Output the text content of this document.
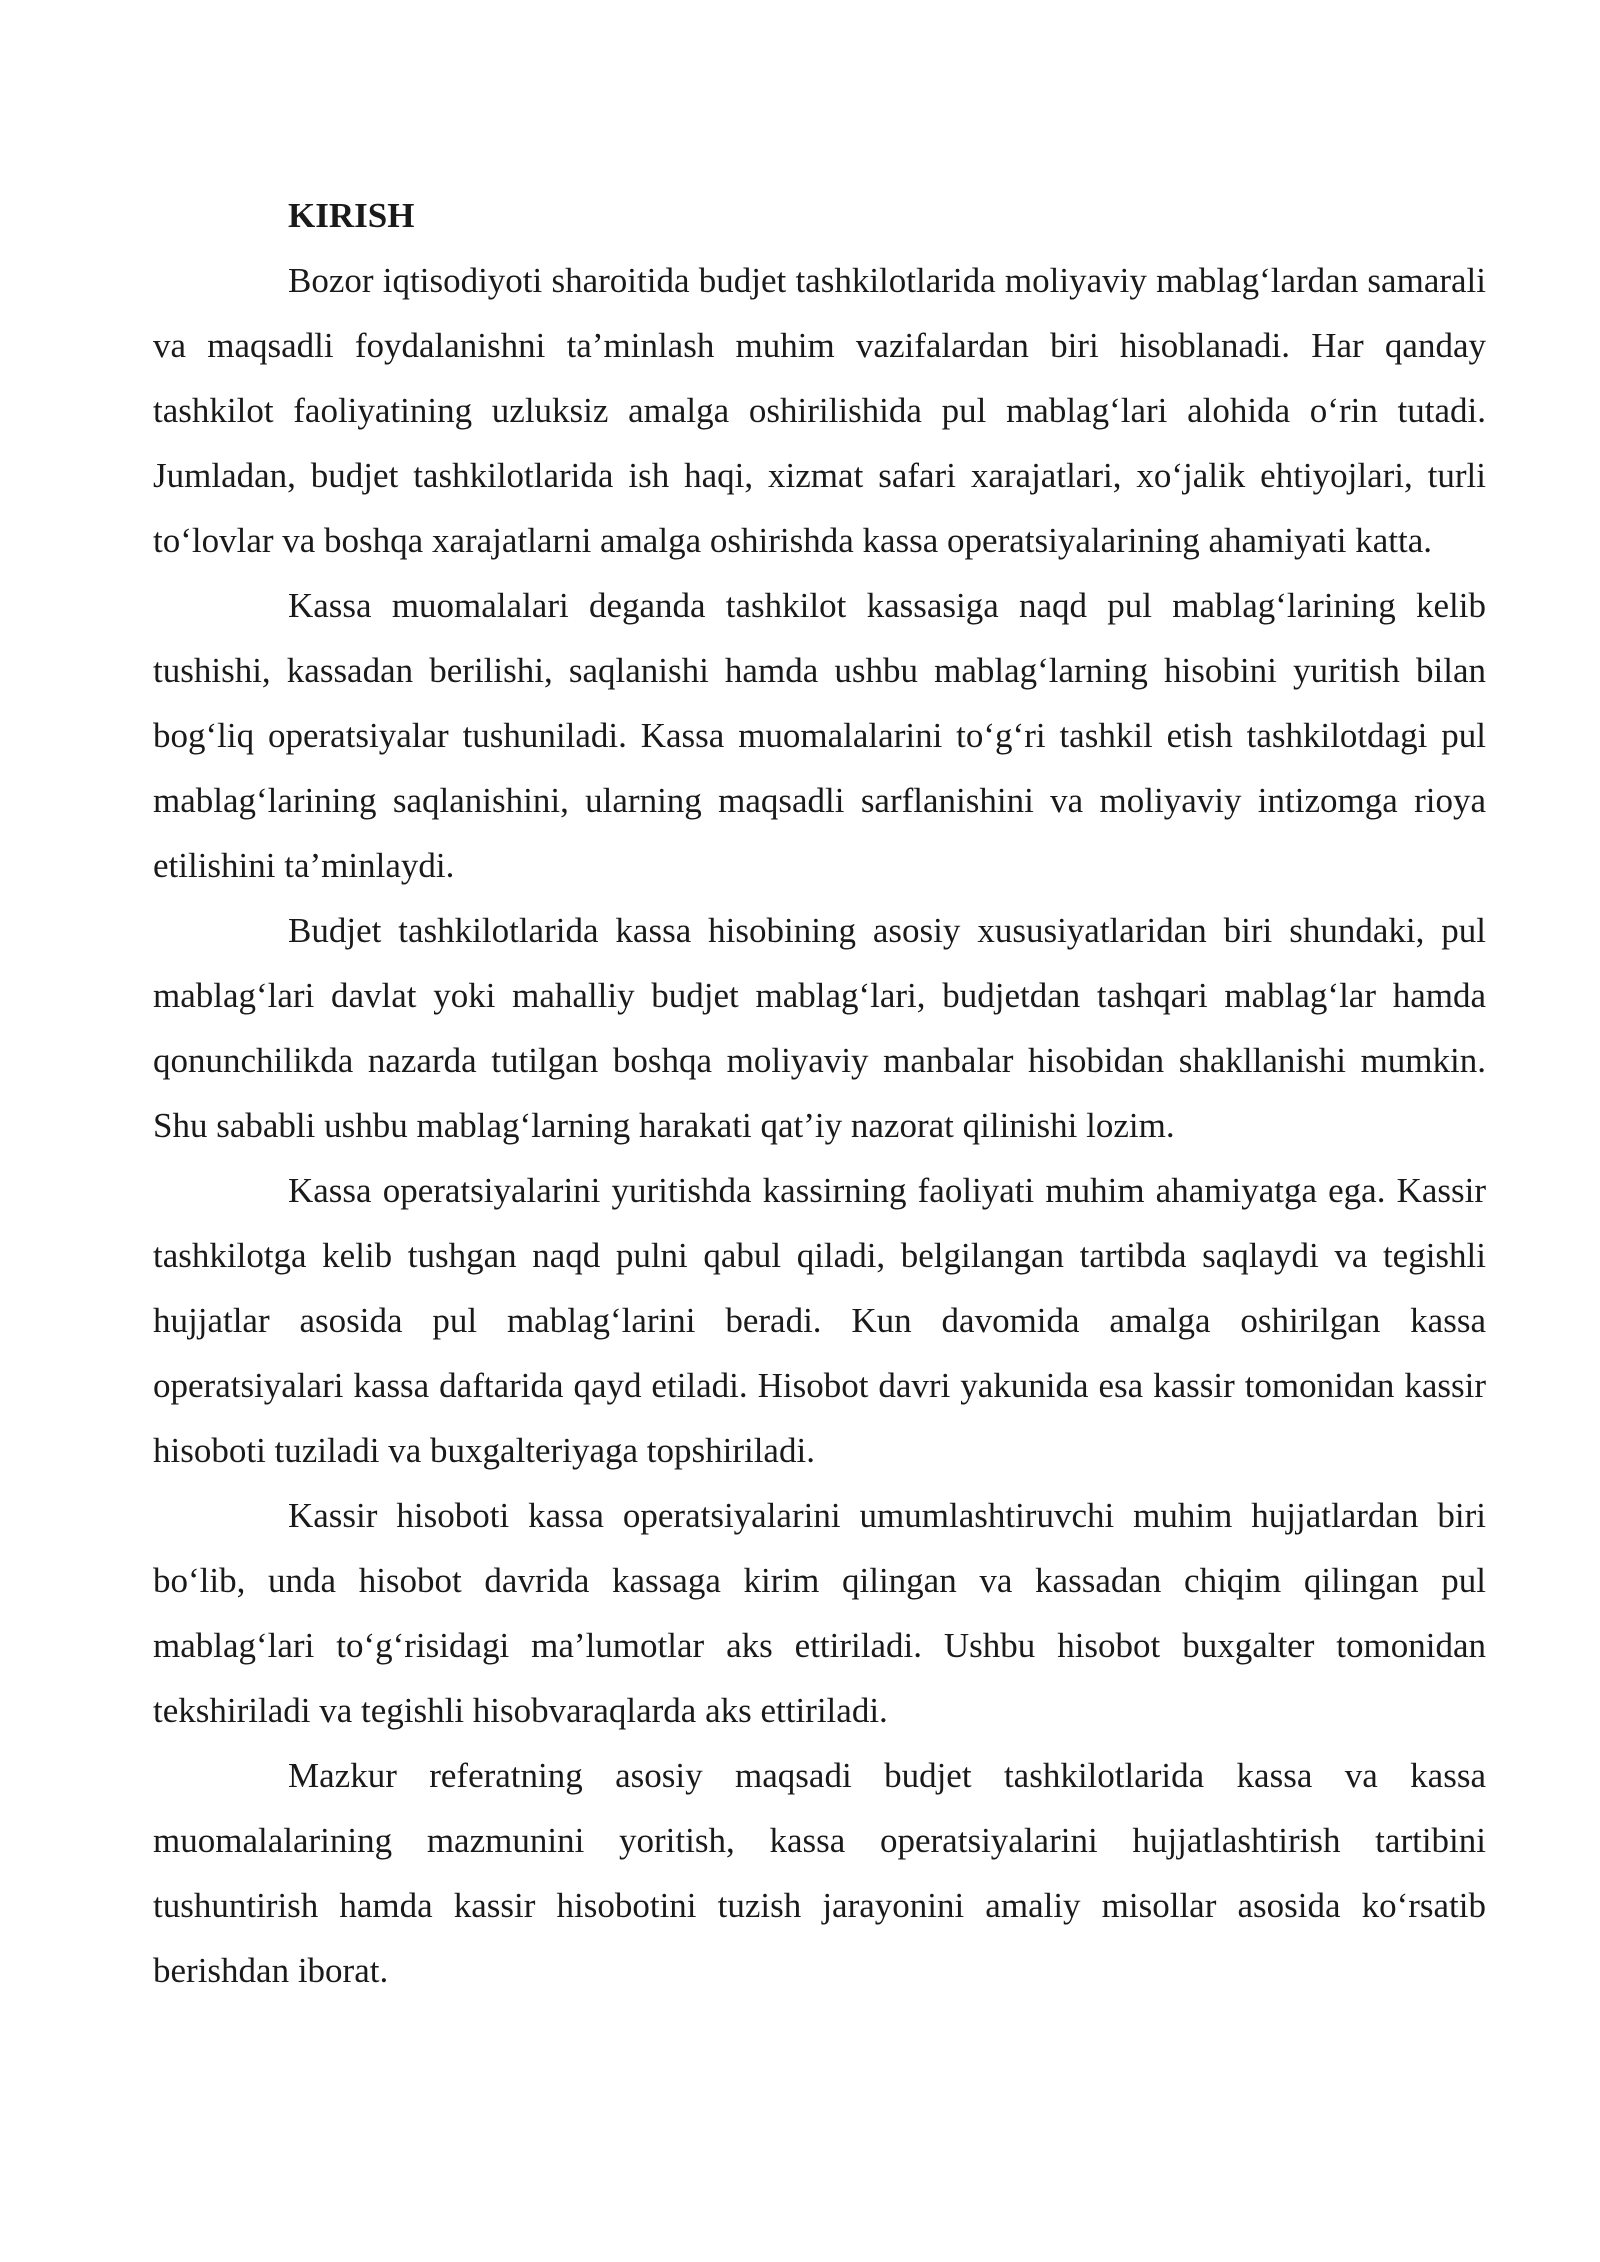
KIRISH

Bozor iqtisodiyoti sharoitida budjet tashkilotlarida moliyaviy mablag‘lardan samarali va maqsadli foydalanishni ta’minlash muhim vazifalardan biri hisoblanadi. Har qanday tashkilot faoliyatining uzluksiz amalga oshirilishida pul mablag‘lari alohida o‘rin tutadi. Jumladan, budjet tashkilotlarida ish haqi, xizmat safari xarajatlari, xo‘jalik ehtiyojlari, turli to‘lovlar va boshqa xarajatlarni amalga oshirishda kassa operatsiyalarining ahamiyati katta.

Kassa muomalalari deganda tashkilot kassasiga naqd pul mablag‘larining kelib tushishi, kassadan berilishi, saqlanishi hamda ushbu mablag‘larning hisobini yuritish bilan bog‘liq operatsiyalar tushuniladi. Kassa muomalalarini to‘g‘ri tashkil etish tashkilotdagi pul mablag‘larining saqlanishini, ularning maqsadli sarflanishini va moliyaviy intizomga rioya etilishini ta’minlaydi.

Budjet tashkilotlarida kassa hisobining asosiy xususiyatlaridan biri shundaki, pul mablag‘lari davlat yoki mahalliy budjet mablag‘lari, budjetdan tashqari mablag‘lar hamda qonunchilikda nazarda tutilgan boshqa moliyaviy manbalar hisobidan shakllanishi mumkin. Shu sababli ushbu mablag‘larning harakati qat’iy nazorat qilinishi lozim.

Kassa operatsiyalarini yuritishda kassirning faoliyati muhim ahamiyatga ega. Kassir tashkilotga kelib tushgan naqd pulni qabul qiladi, belgilangan tartibda saqlaydi va tegishli hujjatlar asosida pul mablag‘larini beradi. Kun davomida amalga oshirilgan kassa operatsiyalari kassa daftarida qayd etiladi. Hisobot davri yakunida esa kassir tomonidan kassir hisoboti tuziladi va buxgalteriyaga topshiriladi.

Kassir hisoboti kassa operatsiyalarini umumlashtiruvchi muhim hujjatlardan biri bo‘lib, unda hisobot davrida kassaga kirim qilingan va kassadan chiqim qilingan pul mablag‘lari to‘g‘risidagi ma’lumotlar aks ettiriladi. Ushbu hisobot buxgalter tomonidan tekshiriladi va tegishli hisobvaraqlarda aks ettiriladi.

Mazkur referatning asosiy maqsadi budjet tashkilotlarida kassa va kassa muomalalarining mazmunini yoritish, kassa operatsiyalarini hujjatlashtirish tartibini tushuntirish hamda kassir hisobotini tuzish jarayonini amaliy misollar asosida ko‘rsatib berishdan iborat.
